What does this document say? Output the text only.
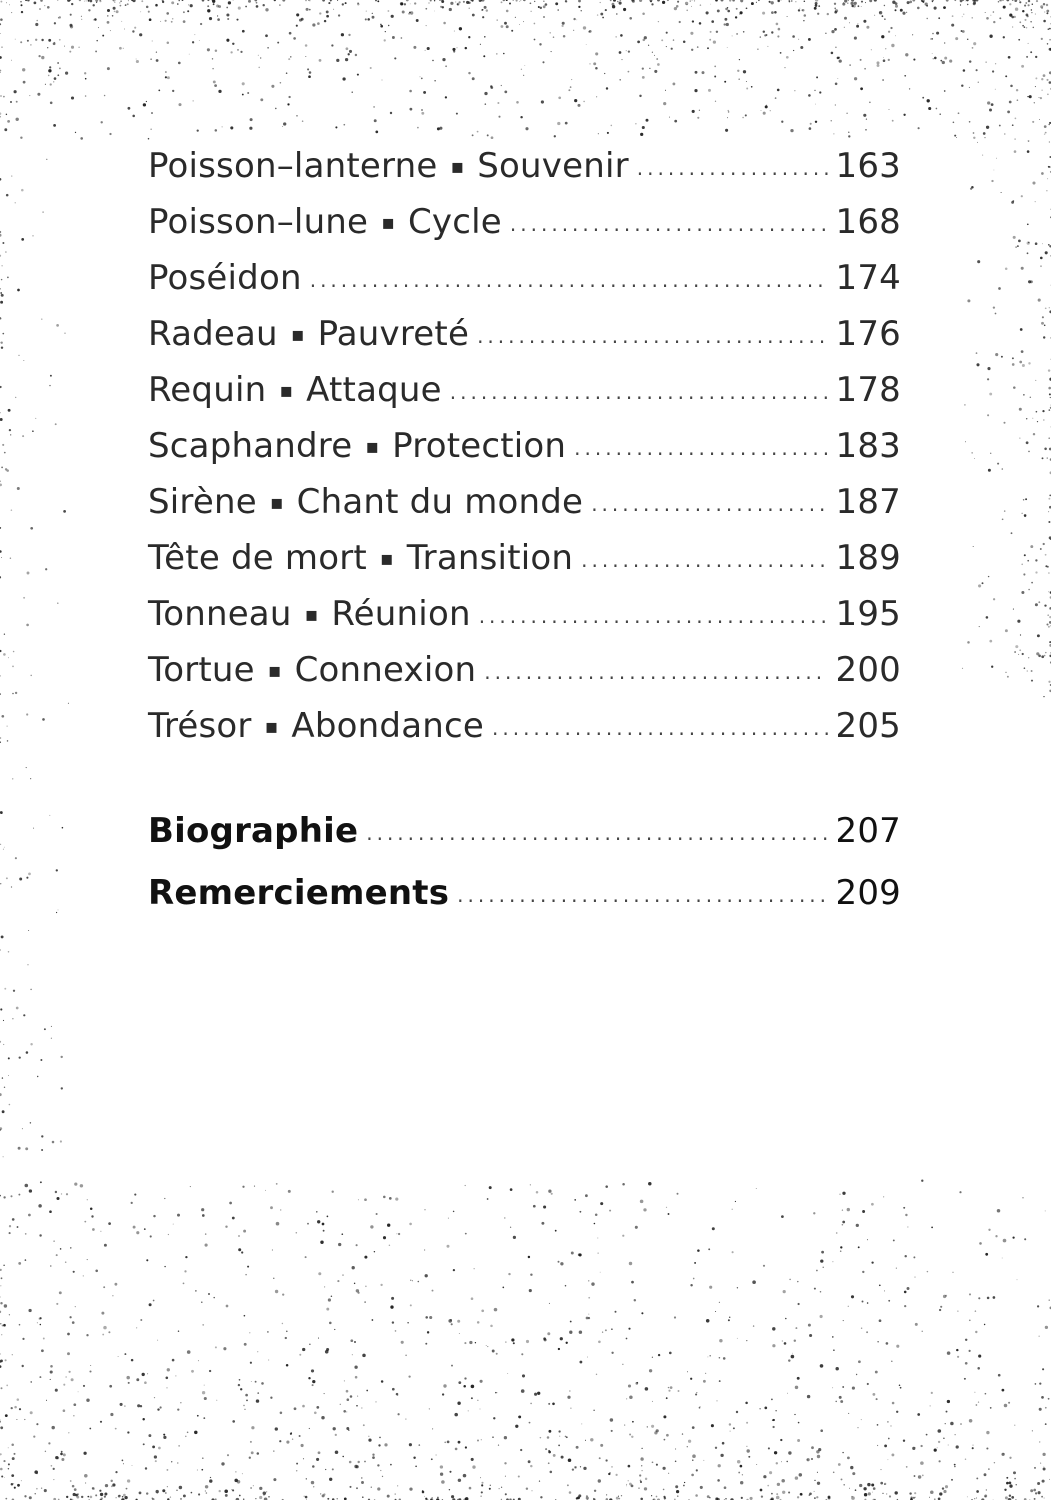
Poisson–lanterne ▪ Souvenir .....	163
Poisson–lune ▪ Cycle .....	168
Poséidon .....	174
Radeau ▪ Pauvreté .....	176
Requin ▪ Attaque .....	178
Scaphandre ▪ Protection .....	183
Sirène ▪ Chant du monde .....	187
Tête de mort ▪ Transition .....	189
Tonneau ▪ Réunion .....	195
Tortue ▪ Connexion .....	200
Trésor ▪ Abondance .....	205
Biographie .....	207
Remerciements .....	209
